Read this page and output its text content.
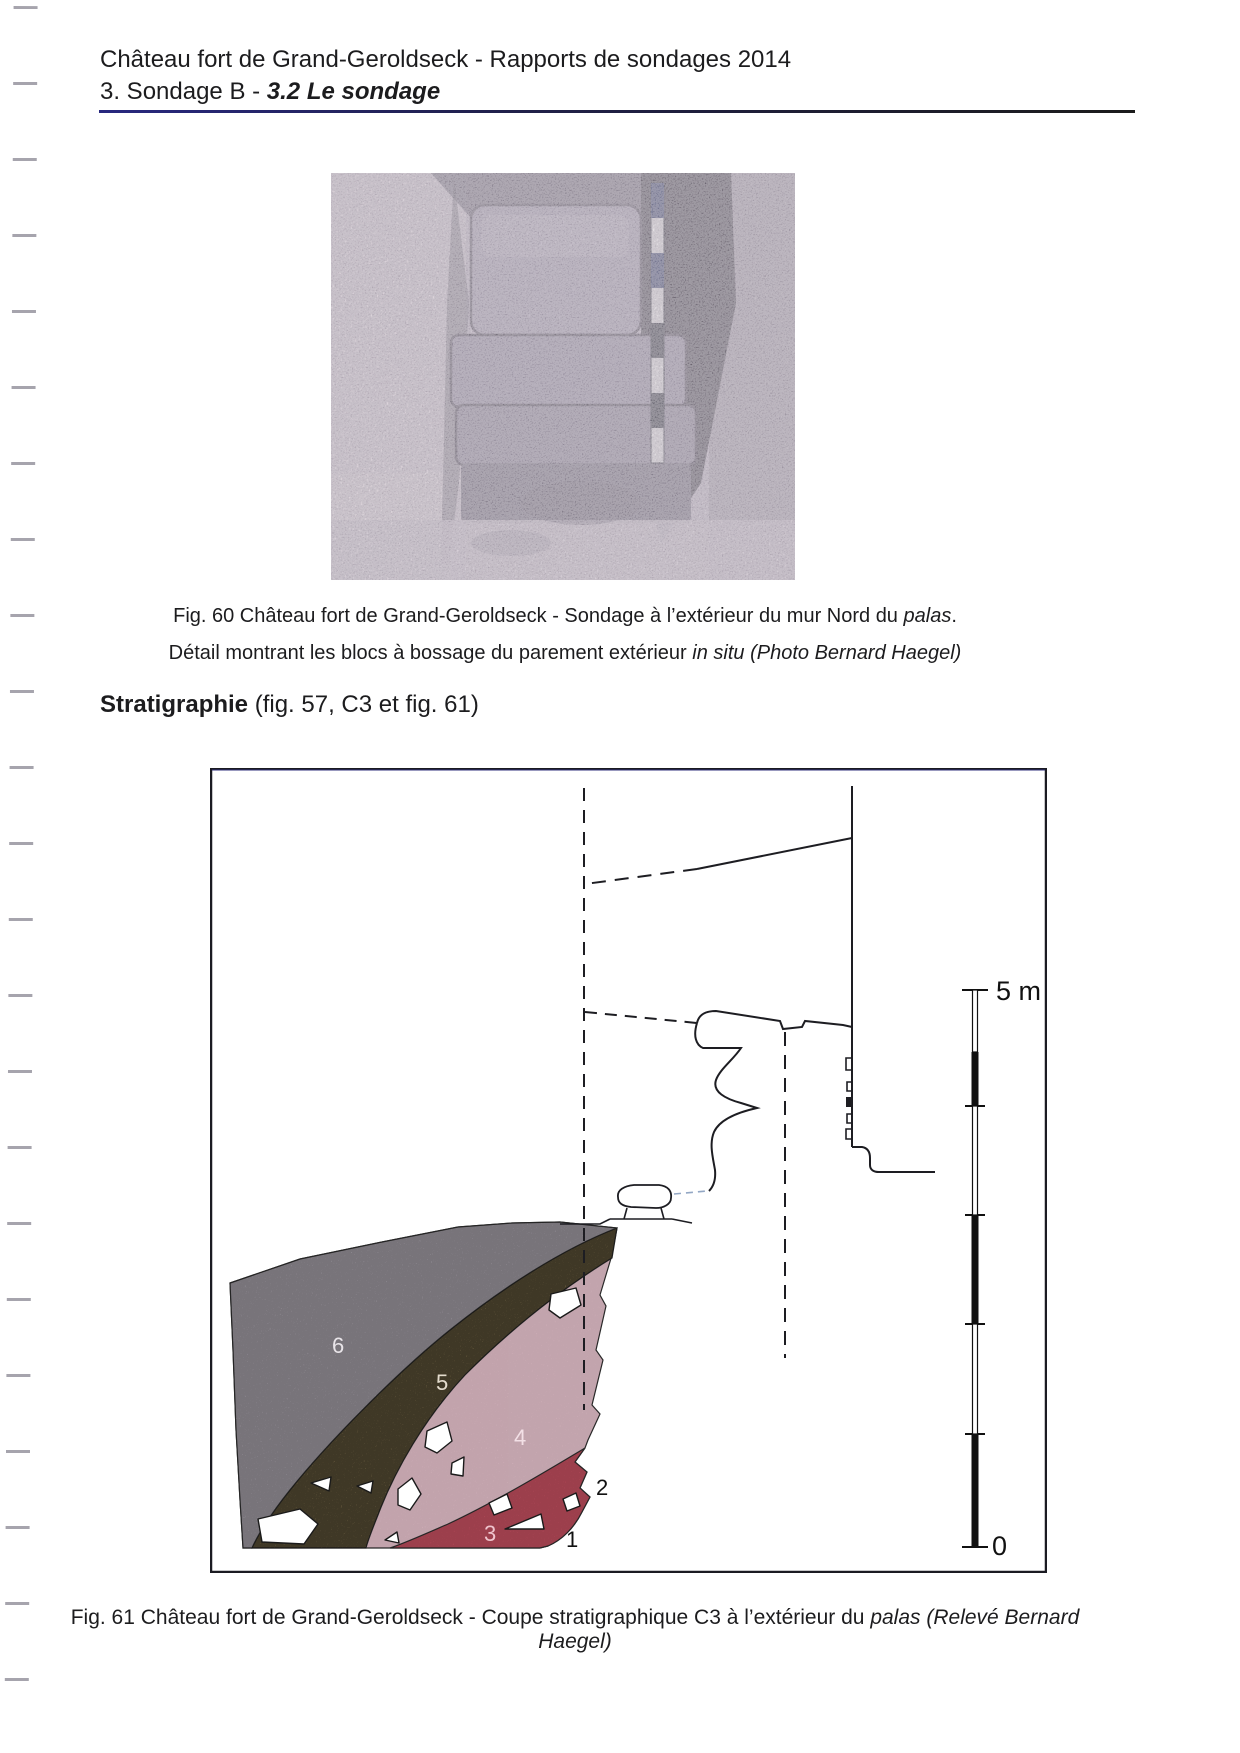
Château fort de Grand-Geroldseck - Rapports de sondages 2014
3. Sondage B - 3.2 Le sondage
Fig. 60 Château fort de Grand-Geroldseck - Sondage à l’extérieur du mur Nord du palas.
Détail montrant les blocs à bossage du parement extérieur in situ (Photo Bernard Haegel)
Stratigraphie (fig. 57, C3 et fig. 61)
5 m
0
6
5
4
3
2
1
Fig. 61 Château fort de Grand-Geroldseck - Coupe stratigraphique C3 à l’extérieur du palas (Relevé Bernard Haegel)
